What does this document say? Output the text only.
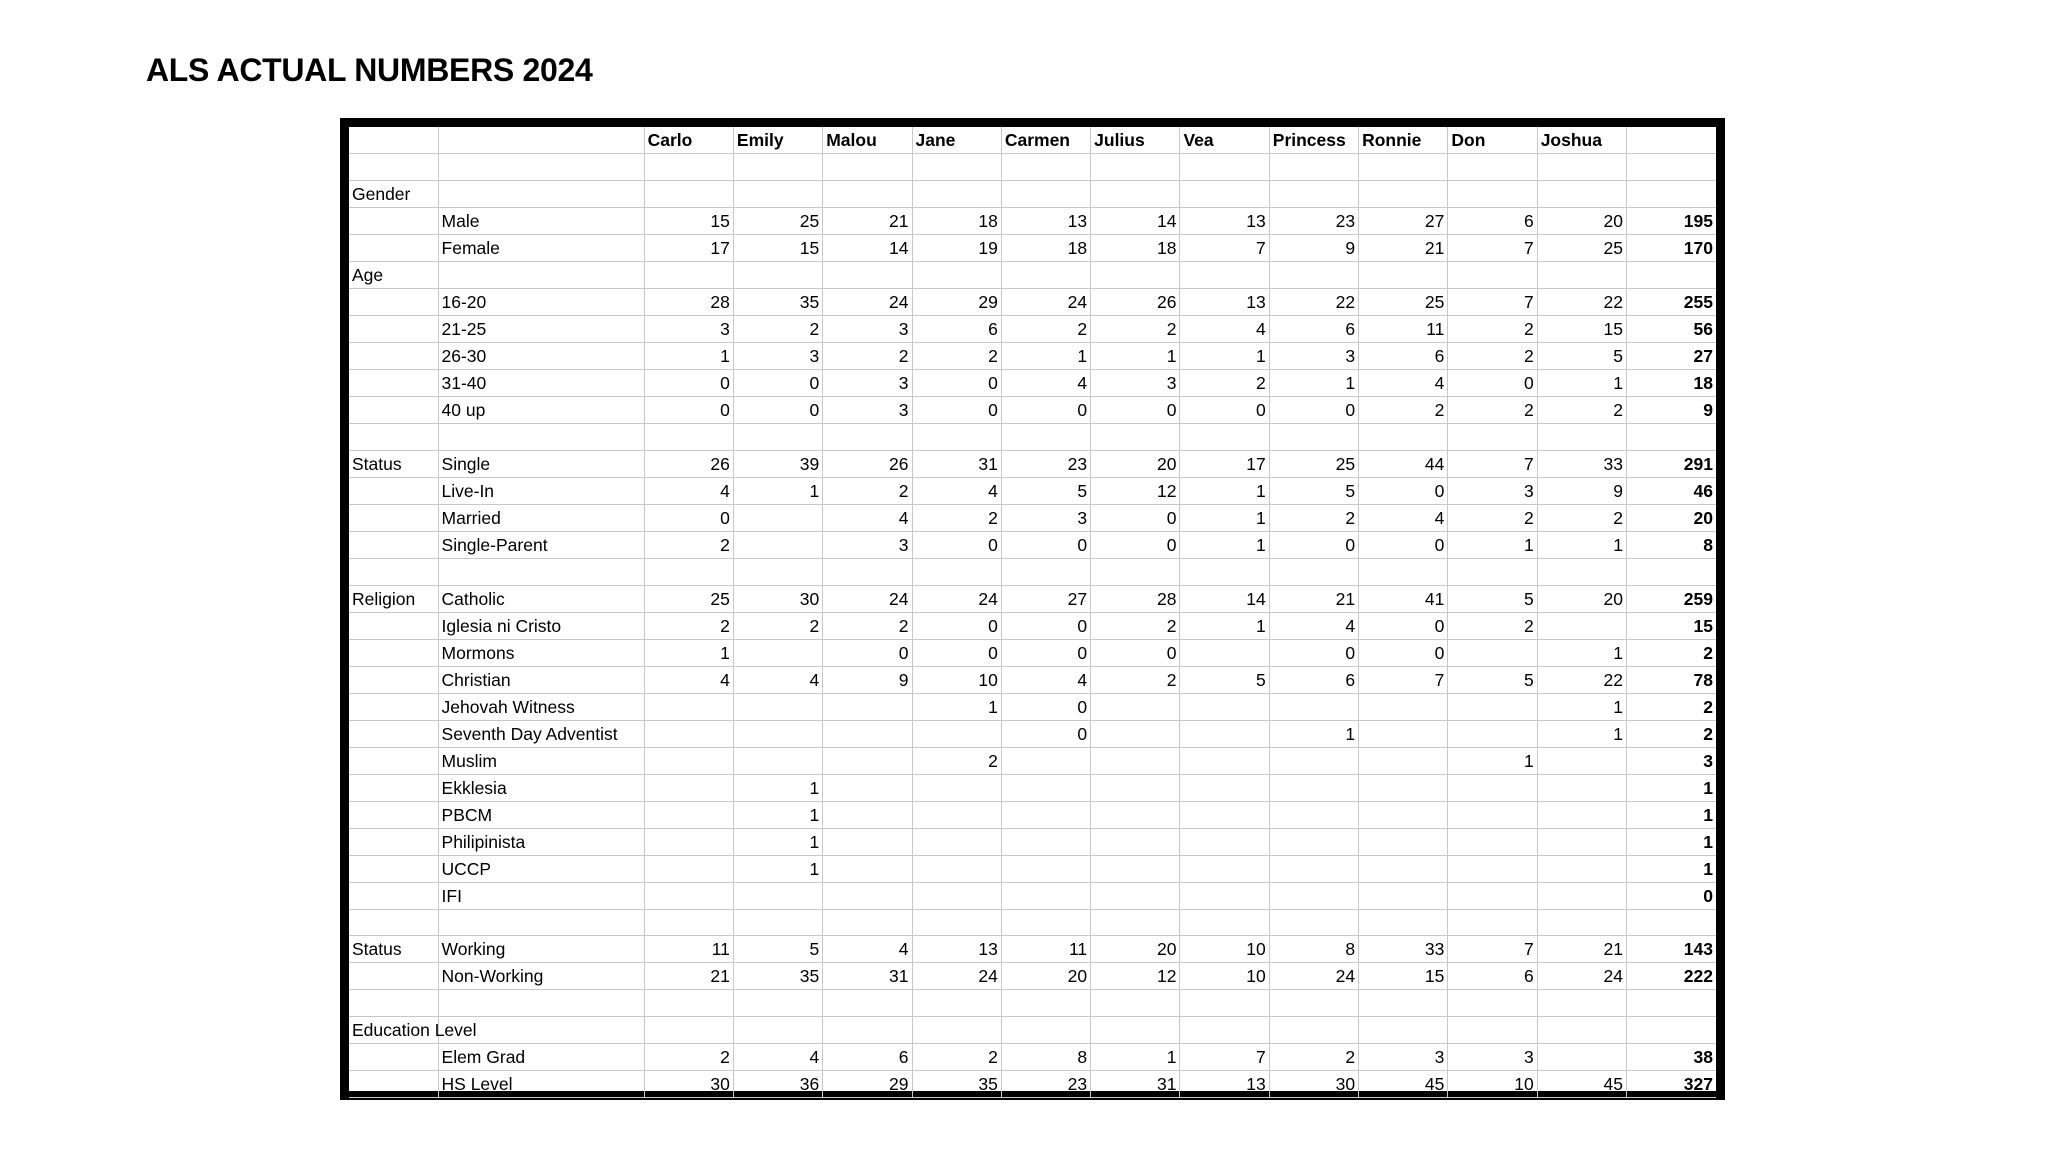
ALS ACTUAL NUMBERS 2024
		Carlo	Emily	Malou	Jane	Carmen	Julius	Vea	Princess	Ronnie	Don	Joshua	

Gender													
	Male	15	25	21	18	13	14	13	23	27	6	20	195
	Female	17	15	14	19	18	18	7	9	21	7	25	170
Age													
	16-20	28	35	24	29	24	26	13	22	25	7	22	255
	21-25	3	2	3	6	2	2	4	6	11	2	15	56
	26-30	1	3	2	2	1	1	1	3	6	2	5	27
	31-40	0	0	3	0	4	3	2	1	4	0	1	18
	40 up	0	0	3	0	0	0	0	0	2	2	2	9

Status	Single	26	39	26	31	23	20	17	25	44	7	33	291
	Live-In	4	1	2	4	5	12	1	5	0	3	9	46
	Married	0		4	2	3	0	1	2	4	2	2	20
	Single-Parent	2		3	0	0	0	1	0	0	1	1	8

Religion	Catholic	25	30	24	24	27	28	14	21	41	5	20	259
	Iglesia ni Cristo	2	2	2	0	0	2	1	4	0	2		15
	Mormons	1		0	0	0	0		0	0		1	2
	Christian	4	4	9	10	4	2	5	6	7	5	22	78
	Jehovah Witness				1	0						1	2
	Seventh Day Adventist					0			1			1	2
	Muslim				2						1		3
	Ekklesia		1										1
	PBCM		1										1
	Philipinista		1										1
	UCCP		1										1
	IFI												0

Status	Working	11	5	4	13	11	20	10	8	33	7	21	143
	Non-Working	21	35	31	24	20	12	10	24	15	6	24	222

Education Level													
	Elem Grad	2	4	6	2	8	1	7	2	3	3		38
	HS Level	30	36	29	35	23	31	13	30	45	10	45	327
